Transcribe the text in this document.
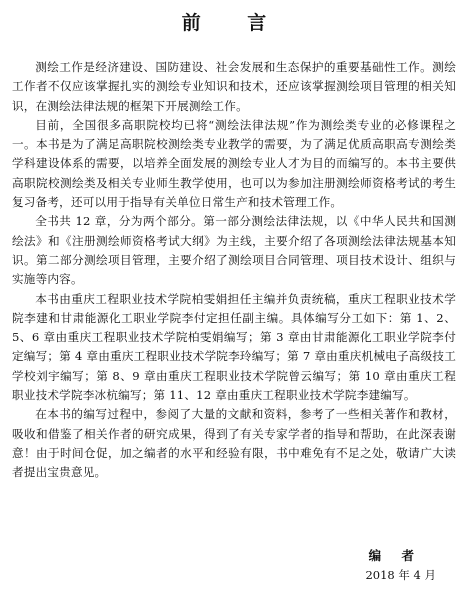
前 言

测绘工作是经济建设、国防建设、社会发展和生态保护的重要基础性工作。测绘工作者不仅应该掌握扎实的测绘专业知识和技术，还应该掌握测绘项目管理的相关知识，在测绘法律法规的框架下开展测绘工作。

目前，全国很多高职院校均已将“测绘法律法规”作为测绘类专业的必修课程之一。本书是为了满足高职院校测绘类专业教学的需要，为了满足优质高职高专测绘类学科建设体系的需要，以培养全面发展的测绘专业人才为目的而编写的。本书主要供高职院校测绘类及相关专业师生教学使用，也可以为参加注册测绘师资格考试的考生复习备考，还可以用于指导有关单位日常生产和技术管理工作。

全书共 12 章，分为两个部分。第一部分测绘法律法规，以《中华人民共和国测绘法》和《注册测绘师资格考试大纲》为主线，主要介绍了各项测绘法律法规基本知识。第二部分测绘项目管理，主要介绍了测绘项目合同管理、项目技术设计、组织与实施等内容。

本书由重庆工程职业技术学院柏雯娟担任主编并负责统稿，重庆工程职业技术学院李建和甘肃能源化工职业学院李付定担任副主编。具体编写分工如下：第 1、2、5、6 章由重庆工程职业技术学院柏雯娟编写；第 3 章由甘肃能源化工职业学院李付定编写；第 4 章由重庆工程职业技术学院李玲编写；第 7 章由重庆机械电子高级技工学校刘宇编写；第 8、9 章由重庆工程职业技术学院曾云编写；第 10 章由重庆工程职业技术学院李冰杭编写；第 11、12 章由重庆工程职业技术学院李建编写。

在本书的编写过程中，参阅了大量的文献和资料，参考了一些相关著作和教材，吸收和借鉴了相关作者的研究成果，得到了有关专家学者的指导和帮助，在此深表谢意！由于时间仓促，加之编者的水平和经验有限，书中难免有不足之处，敬请广大读者提出宝贵意见。

编 者
2018 年 4 月
